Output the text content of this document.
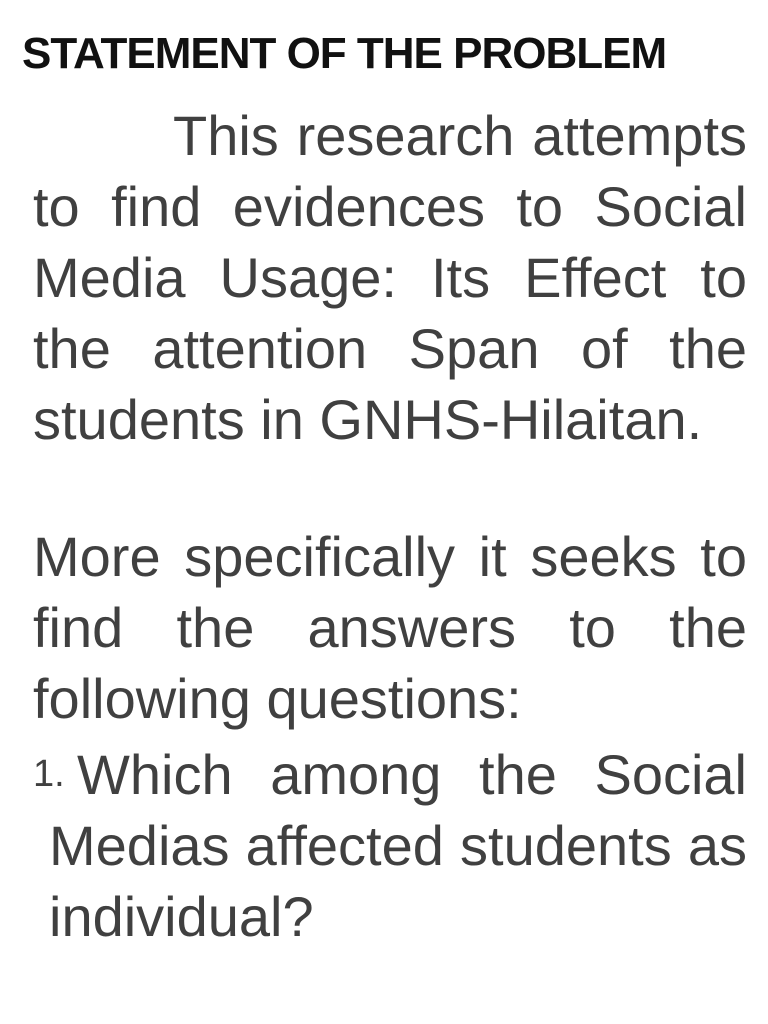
STATEMENT OF THE PROBLEM

This research attempts to find evidences to Social Media Usage: Its Effect to the attention Span of the students in GNHS-Hilaitan.

More specifically it seeks to find the answers to the following questions:

1. Which among the Social Medias affected students as individual?
